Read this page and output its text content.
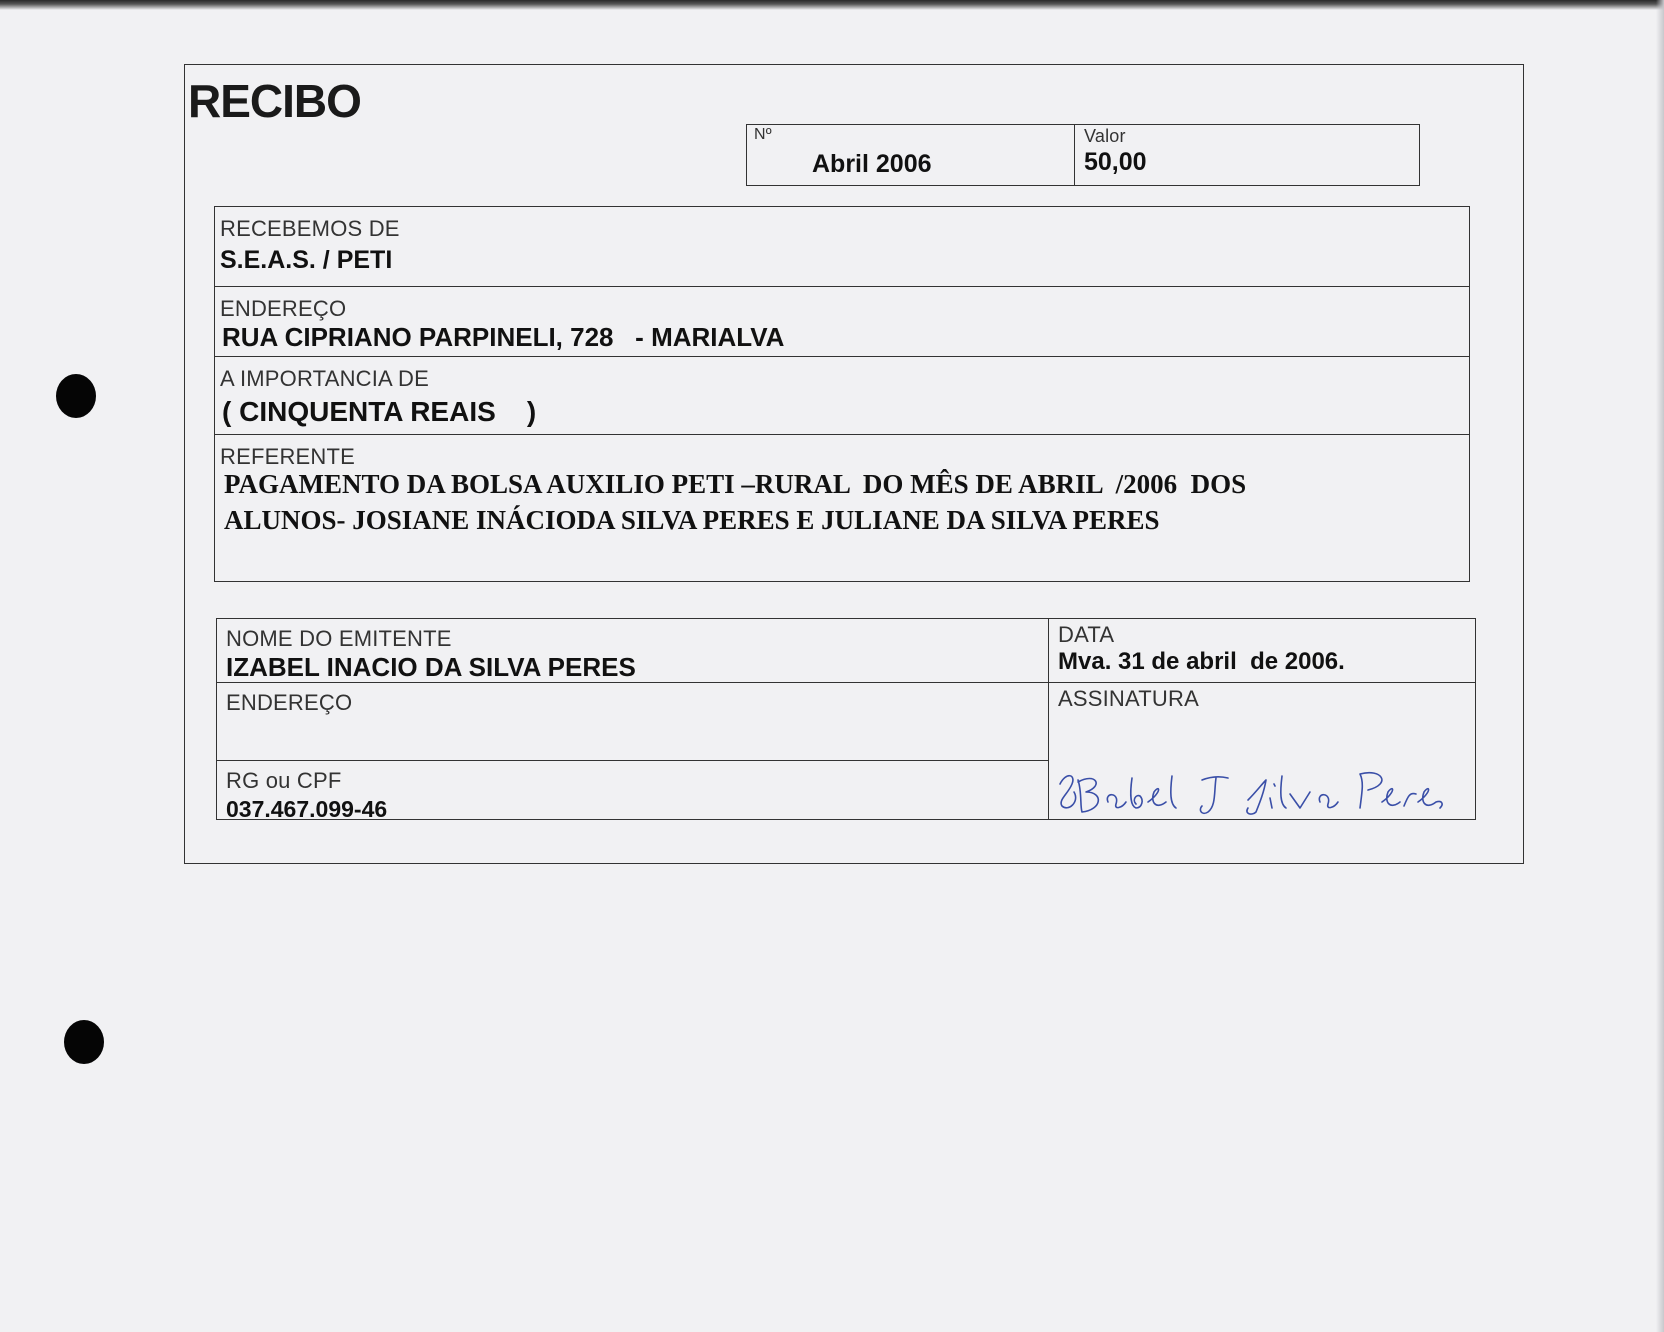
RECIBO
Nº
Abril 2006
Valor
50,00
RECEBEMOS DE
S.E.A.S. / PETI
ENDEREÇO
RUA CIPRIANO PARPINELI, 728   - MARIALVA
A IMPORTANCIA DE
( CINQUENTA REAIS    )
REFERENTE
PAGAMENTO DA BOLSA AUXILIO PETI –RURAL  DO MÊS DE ABRIL  /2006  DOS
ALUNOS- JOSIANE INÁCIODA SILVA PERES E JULIANE DA SILVA PERES
NOME DO EMITENTE
IZABEL INACIO DA SILVA PERES
ENDEREÇO
RG ou CPF
037.467.099-46
DATA
Mva. 31 de abril  de 2006.
ASSINATURA
